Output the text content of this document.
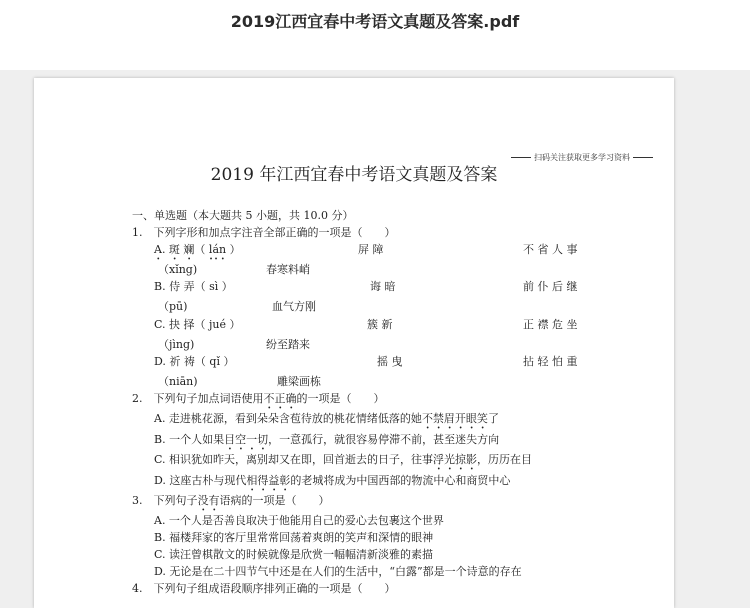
2019江西宜春中考语文真题及答案.pdf
扫码关注获取更多学习资料
2019 年江西宜春中考语文真题及答案
一、单选题（本大题共 5 小题，共 10.0 分）
1.　下列字形和加点字注音全部正确的一项是（　　）
A. 斑 斓（ lán ）	屏 障	不 省 人 事
（xǐng)	春寒料峭
B. 侍 弄（ sì ）	诲 暗	前 仆 后 继
（pū)	血气方刚
C. 抉 择（ jué ）	簇 新	正 襟 危 坐
（jìng)	纷至踏来
D. 祈 祷（ qǐ ）	摇 曳	拈 轻 怕 重
（niān)	雕梁画栋
2.　下列句子加点词语使用不正确的一项是（　　）
A. 走进桃花源，看到朵朵含苞待放的桃花情绪低落的她不禁眉开眼笑了
B. 一个人如果目空一切，一意孤行，就很容易停滞不前，甚至迷失方向
C. 相识犹如昨天，离别却又在即，回首逝去的日子，往事浮光掠影，历历在目
D. 这座古朴与现代相得益彰的老城将成为中国西部的物流中心和商贸中心
3.　下列句子没有语病的一项是（　　）
A. 一个人是否善良取决于他能用自己的爱心去包裹这个世界
B. 福楼拜家的客厅里常常回荡着爽朗的笑声和深情的眼神
C. 读汪曾棋散文的时候就像是欣赏一幅幅清新淡雅的素描
D. 无论是在二十四节气中还是在人们的生活中，“白露”都是一个诗意的存在
4.　下列句子组成语段顺序排列正确的一项是（　　）
